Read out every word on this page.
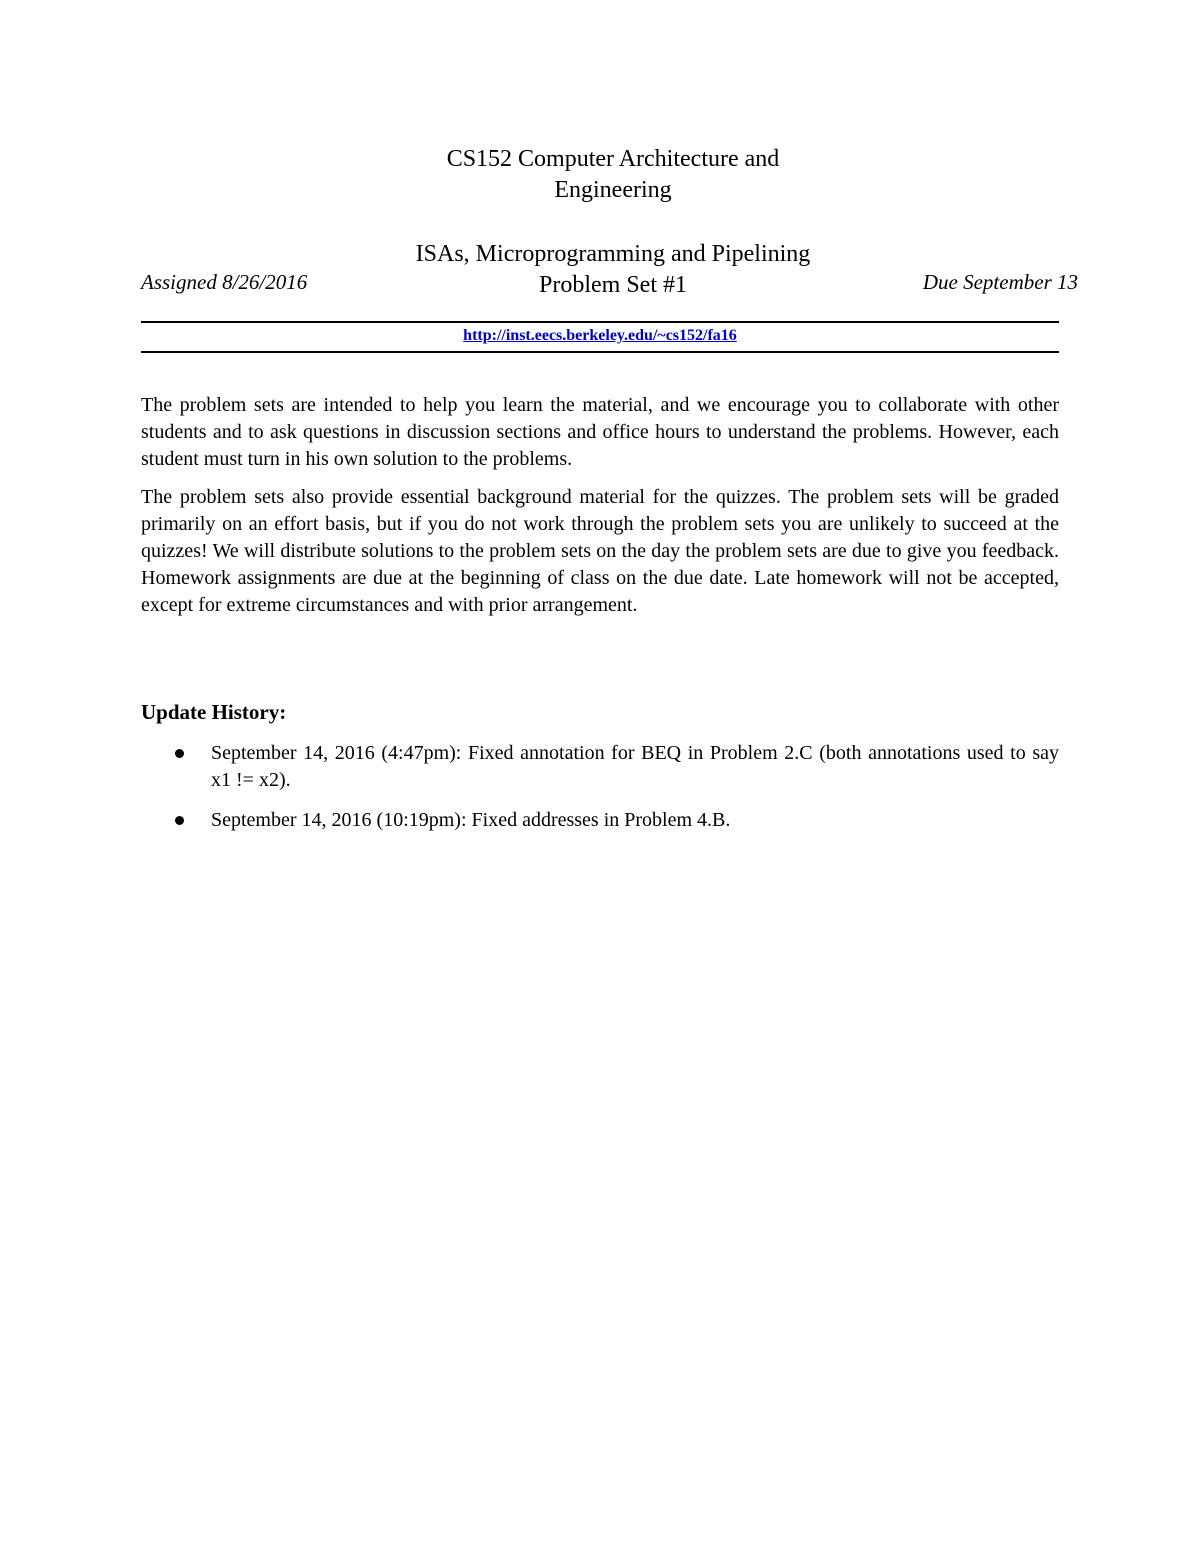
CS152 Computer Architecture and
Engineering
ISAs, Microprogramming and Pipelining
Problem Set #1
Assigned 8/26/2016	Due September 13
http://inst.eecs.berkeley.edu/~cs152/fa16

The problem sets are intended to help you learn the material, and we encourage you to collaborate with other students and to ask questions in discussion sections and office hours to understand the problems. However, each student must turn in his own solution to the problems.

The problem sets also provide essential background material for the quizzes. The problem sets will be graded primarily on an effort basis, but if you do not work through the problem sets you are unlikely to succeed at the quizzes! We will distribute solutions to the problem sets on the day the problem sets are due to give you feedback. Homework assignments are due at the beginning of class on the due date. Late homework will not be accepted, except for extreme circumstances and with prior arrangement.

Update History:
September 14, 2016 (4:47pm): Fixed annotation for BEQ in Problem 2.C (both annotations used to say x1 != x2).
September 14, 2016 (10:19pm): Fixed addresses in Problem 4.B.
